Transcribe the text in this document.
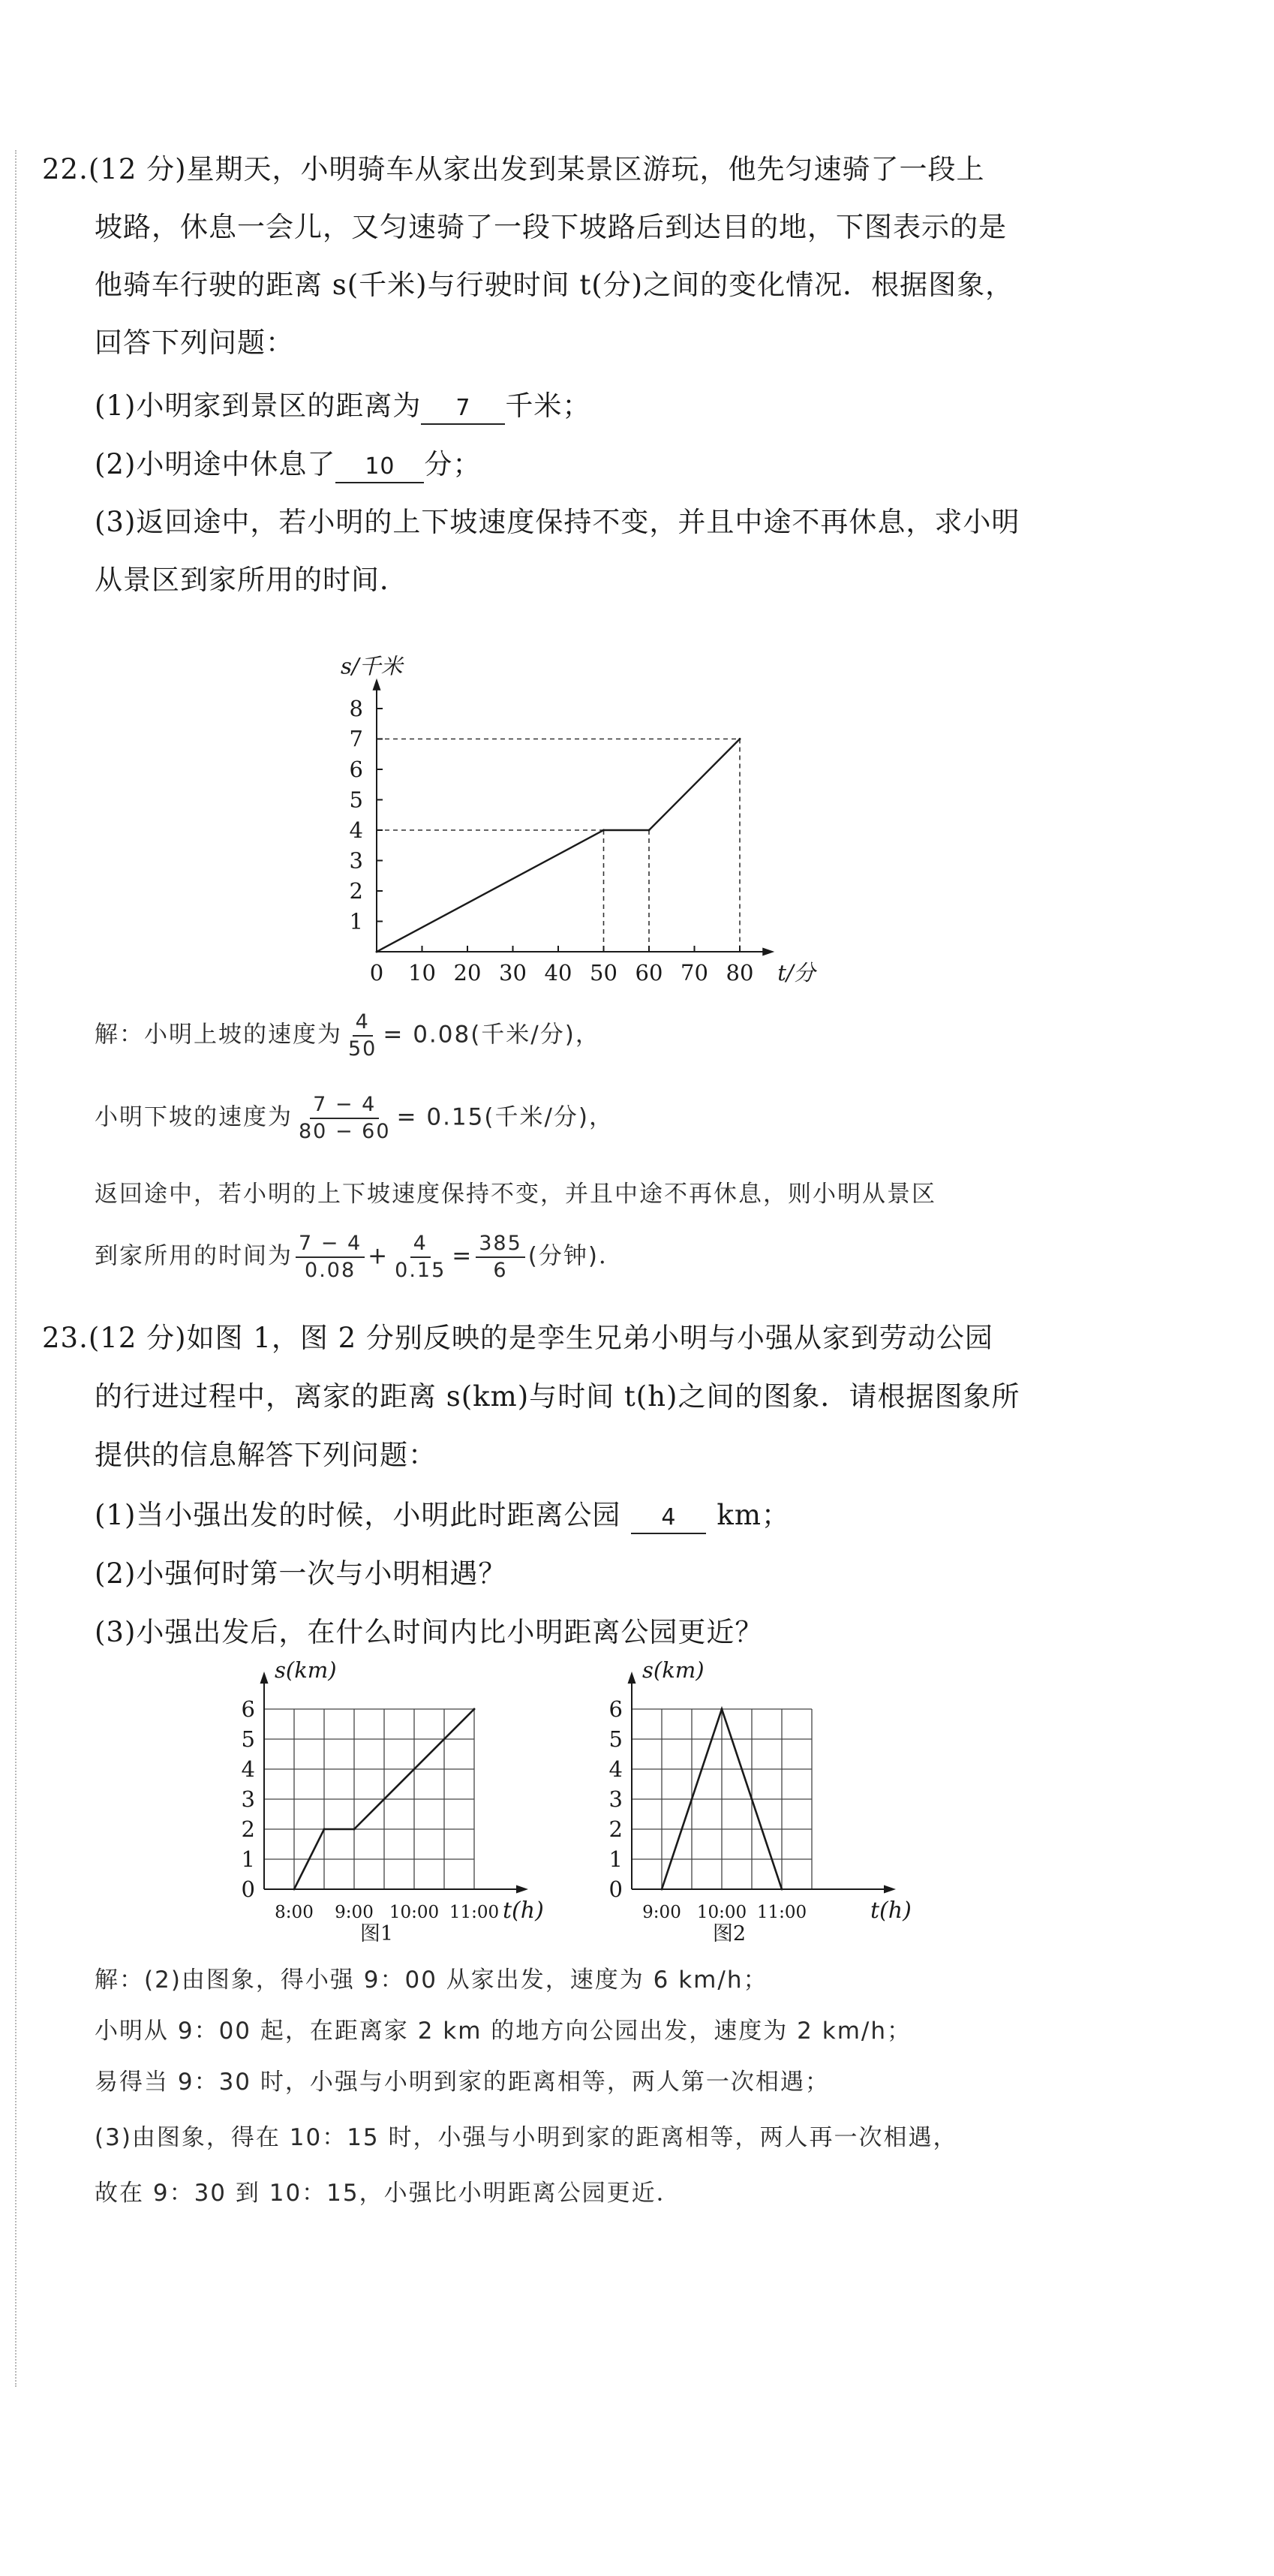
22.(12 分)星期天，小明骑车从家出发到某景区游玩，他先匀速骑了一段上
坡路，休息一会儿，又匀速骑了一段下坡路后到达目的地，下图表示的是
他骑车行驶的距离 s(千米)与行驶时间 t(分)之间的变化情况．根据图象，
回答下列问题：
(1)小明家到景区的距离为 7 千米；
(2)小明途中休息了 10 分；
(3)返回途中，若小明的上下坡速度保持不变，并且中途不再休息，求小明
从景区到家所用的时间．
10 20 30 40 50 60 70 80
1
2
3
4
5
6
7
8
0	t/分
s/千米
解：小明上坡的速度为 $\frac{4}{50} = 0.08$(千米/分)，
小明下坡的速度为 $\frac{7 - 4}{80 - 60} = 0.15$(千米/分)，
返回途中，若小明的上下坡速度保持不变，并且中途不再休息，则小明从景区
到家所用的时间为 $\frac{7 - 4}{0.08} + \frac{4}{0.15} = \frac{385}{6}$ (分钟)．
23.(12 分)如图 1，图 2 分别反映的是孪生兄弟小明与小强从家到劳动公园
的行进过程中，离家的距离 s(km)与时间 t(h)之间的图象．请根据图象所
提供的信息解答下列问题：
(1)当小强出发的时候，小明此时距离公园 4 km；
(2)小强何时第一次与小明相遇？
(3)小强出发后，在什么时间内比小明距离公园更近？
1
2
3
4
5
6
0
8:00 9:00 10:00 11:00 t(h)
s(km)
图1
1
2
3
4
5
6
0
9:00 10:00 11:00	t(h)
s(km)
图2
解：(2)由图象，得小强 9：00 从家出发，速度为 6 km/h；
小明从 9：00 起，在距离家 2 km 的地方向公园出发，速度为 2 km/h；
易得当 9：30 时，小强与小明到家的距离相等，两人第一次相遇；
(3)由图象，得在 10：15 时，小强与小明到家的距离相等，两人再一次相遇，
故在 9：30 到 10：15，小强比小明距离公园更近．
